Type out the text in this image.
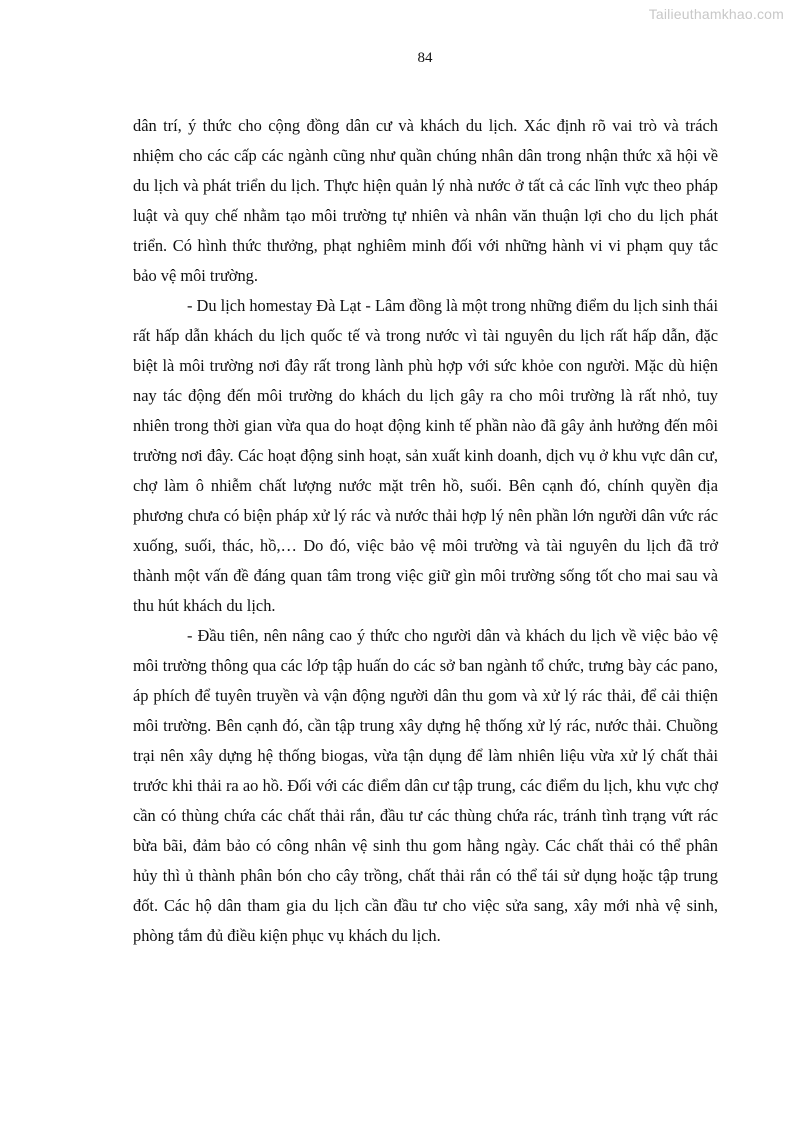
Tailieuthamkhao.com
84

dân trí, ý thức cho cộng đồng dân cư và khách du lịch. Xác định rõ vai trò và trách nhiệm cho các cấp các ngành cũng như quần chúng nhân dân trong nhận thức xã hội về du lịch và phát triển du lịch. Thực hiện quản lý nhà nước ở tất cả các lĩnh vực theo pháp luật và quy chế nhằm tạo môi trường tự nhiên và nhân văn thuận lợi cho du lịch phát triển. Có hình thức thưởng, phạt nghiêm minh đối với những hành vi vi phạm quy tắc bảo vệ môi trường.

- Du lịch homestay Đà Lạt - Lâm đồng là một trong những điểm du lịch sinh thái rất hấp dẫn khách du lịch quốc tế và trong nước vì tài nguyên du lịch rất hấp dẫn, đặc biệt là môi trường nơi đây rất trong lành phù hợp với sức khỏe con người. Mặc dù hiện nay tác động đến môi trường do khách du lịch gây ra cho môi trường là rất nhỏ, tuy nhiên trong thời gian vừa qua do hoạt động kinh tế phần nào đã gây ảnh hưởng đến môi trường nơi đây. Các hoạt động sinh hoạt, sản xuất kinh doanh, dịch vụ ở khu vực dân cư, chợ làm ô nhiễm chất lượng nước mặt trên hồ, suối. Bên cạnh đó, chính quyền địa phương chưa có biện pháp xử lý rác và nước thải hợp lý nên phần lớn người dân vức rác xuống, suối, thác, hồ,… Do đó, việc bảo vệ môi trường và tài nguyên du lịch đã trở thành một vấn đề đáng quan tâm trong việc giữ gìn môi trường sống tốt cho mai sau và thu hút khách du lịch.

- Đầu tiên, nên nâng cao ý thức cho người dân và khách du lịch về việc bảo vệ môi trường thông qua các lớp tập huấn do các sở ban ngành tổ chức, trưng bày các pano, áp phích để tuyên truyền và vận động người dân thu gom và xử lý rác thải, để cải thiện môi trường. Bên cạnh đó, cần tập trung xây dựng hệ thống xử lý rác, nước thải. Chuồng trại nên xây dựng hệ thống biogas, vừa tận dụng để làm nhiên liệu vừa xử lý chất thải trước khi thải ra ao hồ. Đối với các điểm dân cư tập trung, các điểm du lịch, khu vực chợ cần có thùng chứa các chất thải rắn, đầu tư các thùng chứa rác, tránh tình trạng vứt rác bừa bãi, đảm bảo có công nhân vệ sinh thu gom hằng ngày. Các chất thải có thể phân hủy thì ủ thành phân bón cho cây trồng, chất thải rắn có thể tái sử dụng hoặc tập trung đốt. Các hộ dân tham gia du lịch cần đầu tư cho việc sửa sang, xây mới nhà vệ sinh, phòng tắm đủ điều kiện phục vụ khách du lịch.
